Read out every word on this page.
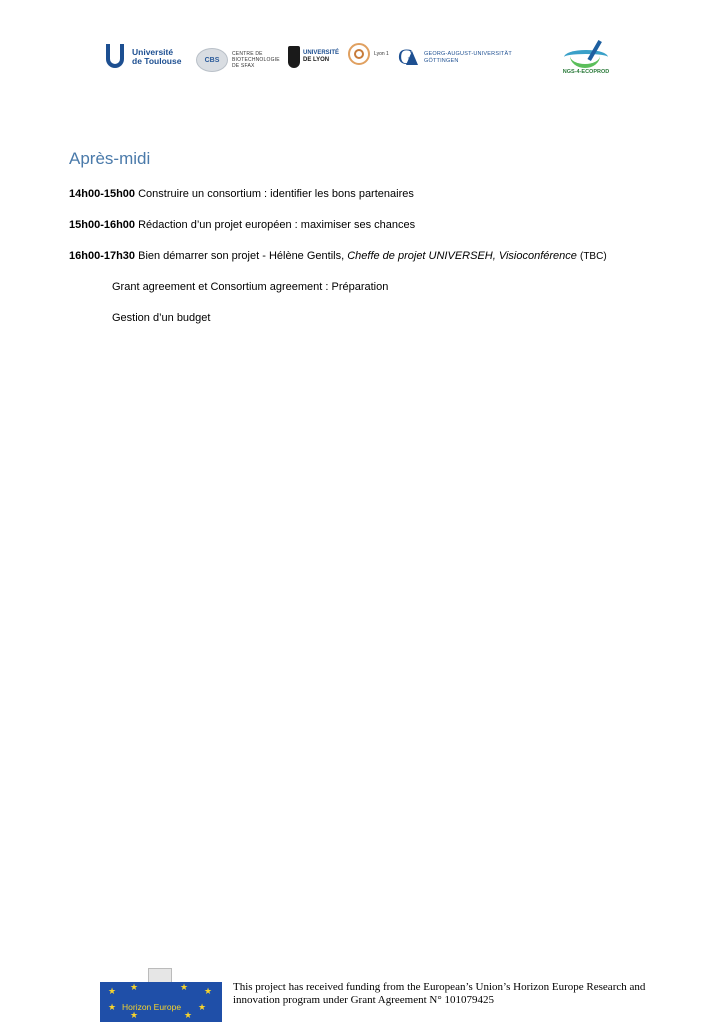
Université
de Toulouse	CBS
CENTRE DE
BIOTECHNOLOGIE
DE SFAX
UNIVERSITÉ
DE LYON
Lyon 1
G	GEORG-AUGUST-UNIVERSITÄT
GÖTTINGEN
NGS-4-ECOPROD
Après-midi
14h00-15h00 Construire un consortium : identifier les bons partenaires
15h00-16h00 Rédaction d’un projet européen : maximiser ses chances
16h00-17h30 Bien démarrer son projet - Hélène Gentils, Cheffe de projet UNIVERSEH, Visioconférence (TBC)
Grant agreement et Consortium agreement : Préparation
Gestion d’un budget
★ ★	★ ★
★	★
★	★
Horizon Europe
This project has received funding from the European’s Union’s Horizon Europe Research and innovation program under Grant Agreement N° 101079425
